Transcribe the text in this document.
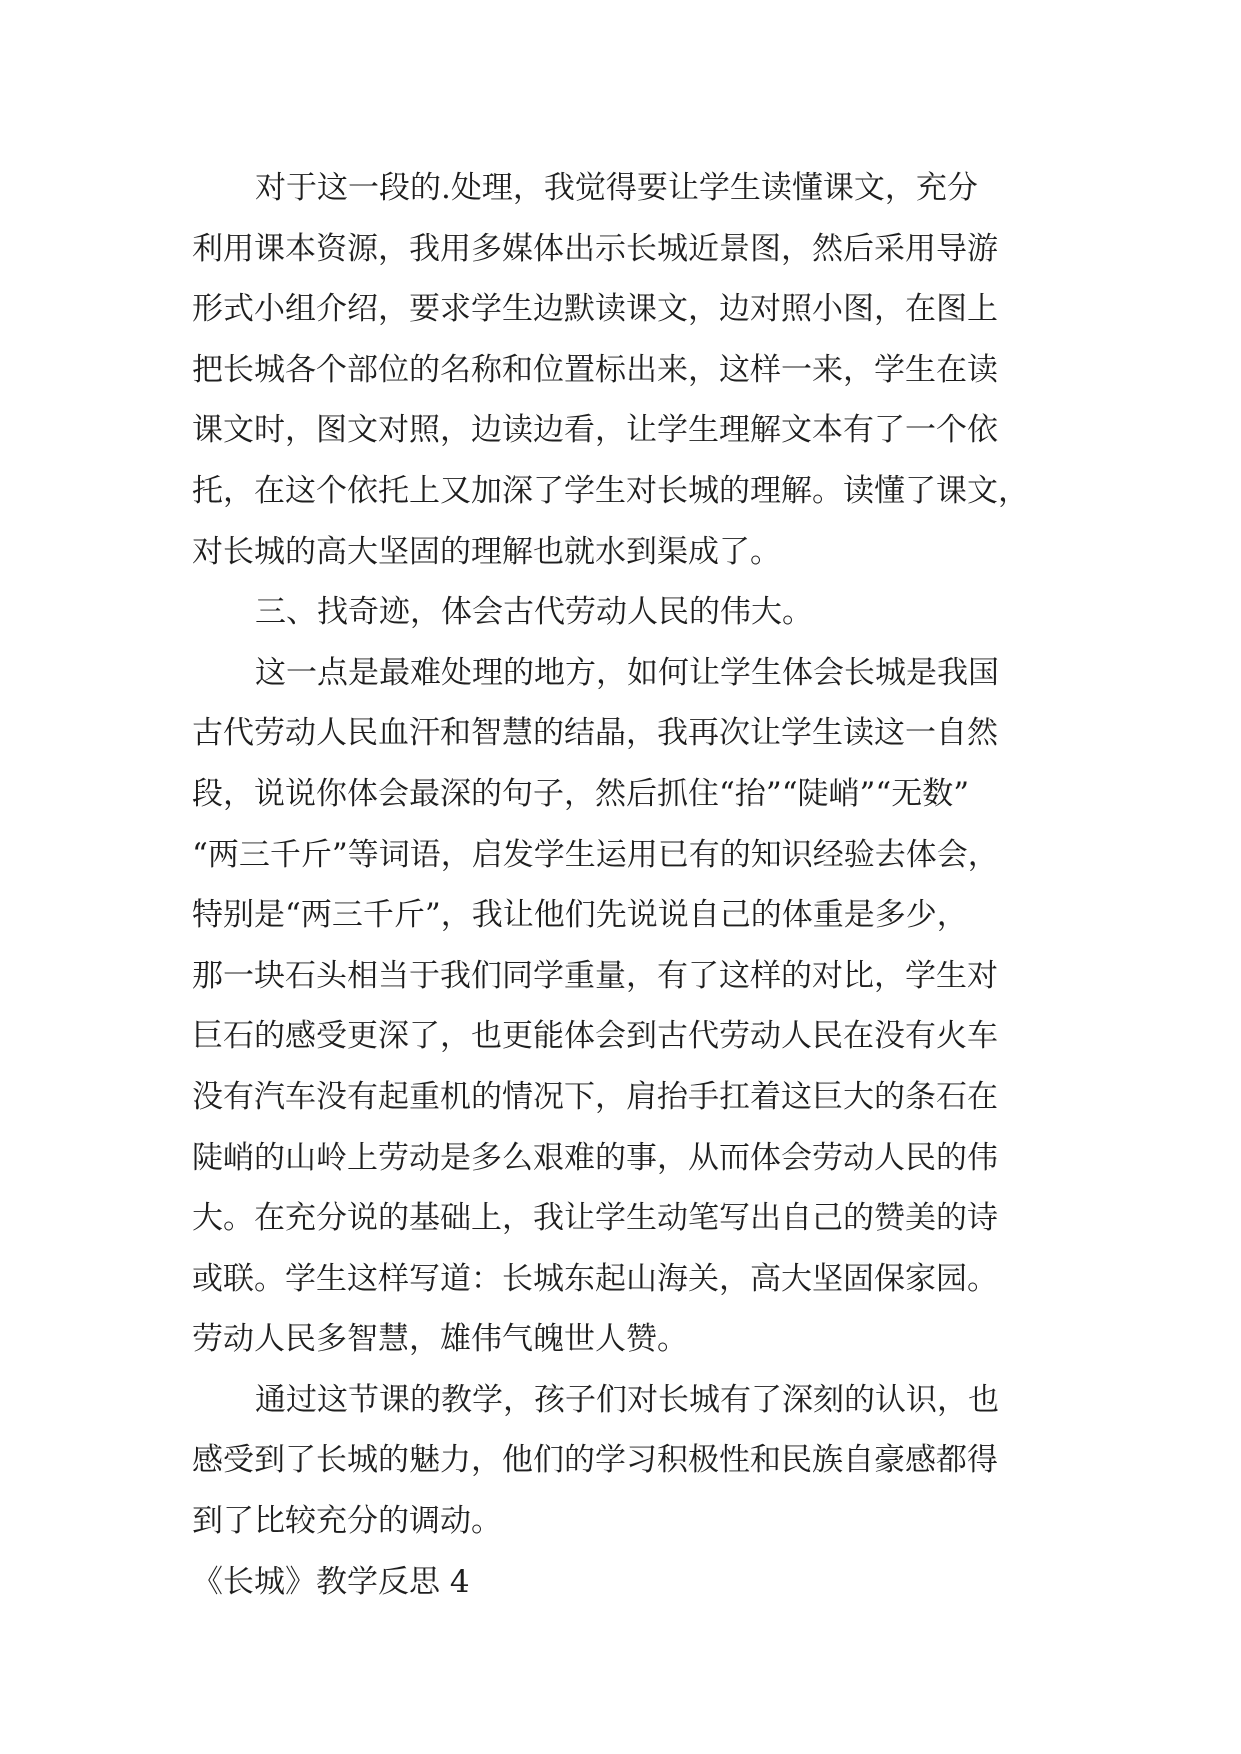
对于这一段的.处理，我觉得要让学生读懂课文，充分
利用课本资源，我用多媒体出示长城近景图，然后采用导游
形式小组介绍，要求学生边默读课文，边对照小图，在图上
把长城各个部位的名称和位置标出来，这样一来，学生在读
课文时，图文对照，边读边看，让学生理解文本有了一个依
托，在这个依托上又加深了学生对长城的理解。读懂了课文，
对长城的高大坚固的理解也就水到渠成了。
三、找奇迹，体会古代劳动人民的伟大。
这一点是最难处理的地方，如何让学生体会长城是我国
古代劳动人民血汗和智慧的结晶，我再次让学生读这一自然
段，说说你体会最深的句子，然后抓住“抬”“陡峭”“无数”
“两三千斤”等词语，启发学生运用已有的知识经验去体会，
特别是“两三千斤”，我让他们先说说自己的体重是多少，
那一块石头相当于我们同学重量，有了这样的对比，学生对
巨石的感受更深了，也更能体会到古代劳动人民在没有火车
没有汽车没有起重机的情况下，肩抬手扛着这巨大的条石在
陡峭的山岭上劳动是多么艰难的事，从而体会劳动人民的伟
大。在充分说的基础上，我让学生动笔写出自己的赞美的诗
或联。学生这样写道：长城东起山海关，高大坚固保家园。
劳动人民多智慧，雄伟气魄世人赞。
通过这节课的教学，孩子们对长城有了深刻的认识，也
感受到了长城的魅力，他们的学习积极性和民族自豪感都得
到了比较充分的调动。
《长城》教学反思 4
